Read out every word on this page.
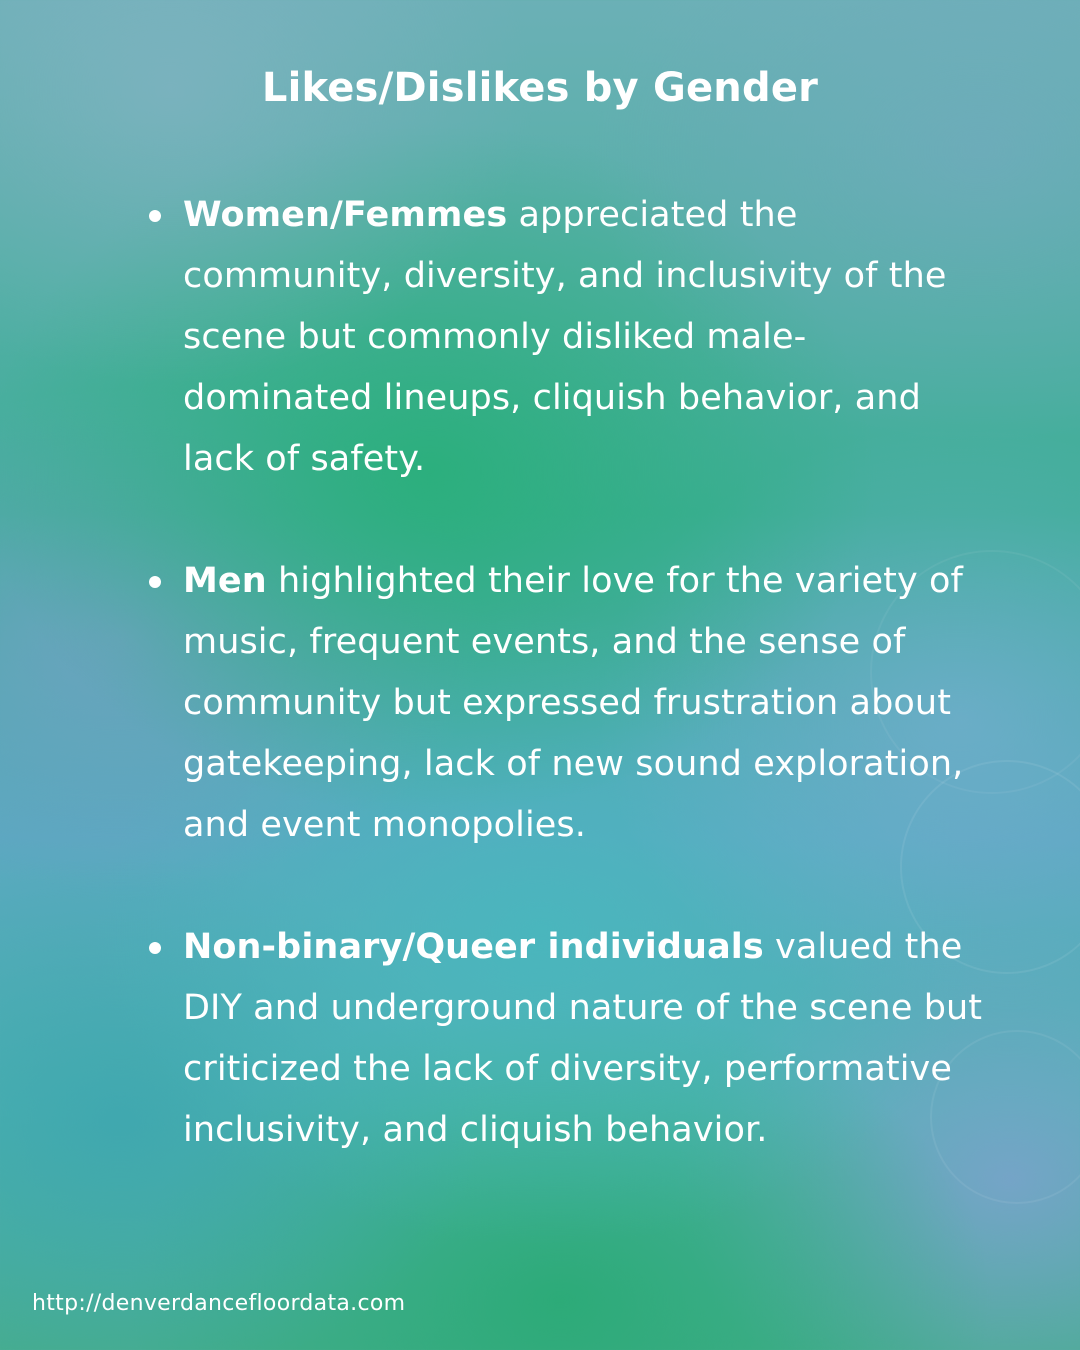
Likes/Dislikes by Gender
Women/Femmes appreciated the community, diversity, and inclusivity of the scene but commonly disliked male-dominated lineups, cliquish behavior, and lack of safety.
Men highlighted their love for the variety of music, frequent events, and the sense of community but expressed frustration about gatekeeping, lack of new sound exploration, and event monopolies.
Non-binary/Queer individuals valued the DIY and underground nature of the scene but criticized the lack of diversity, performative inclusivity, and cliquish behavior.
http://denverdancefloordata.com
